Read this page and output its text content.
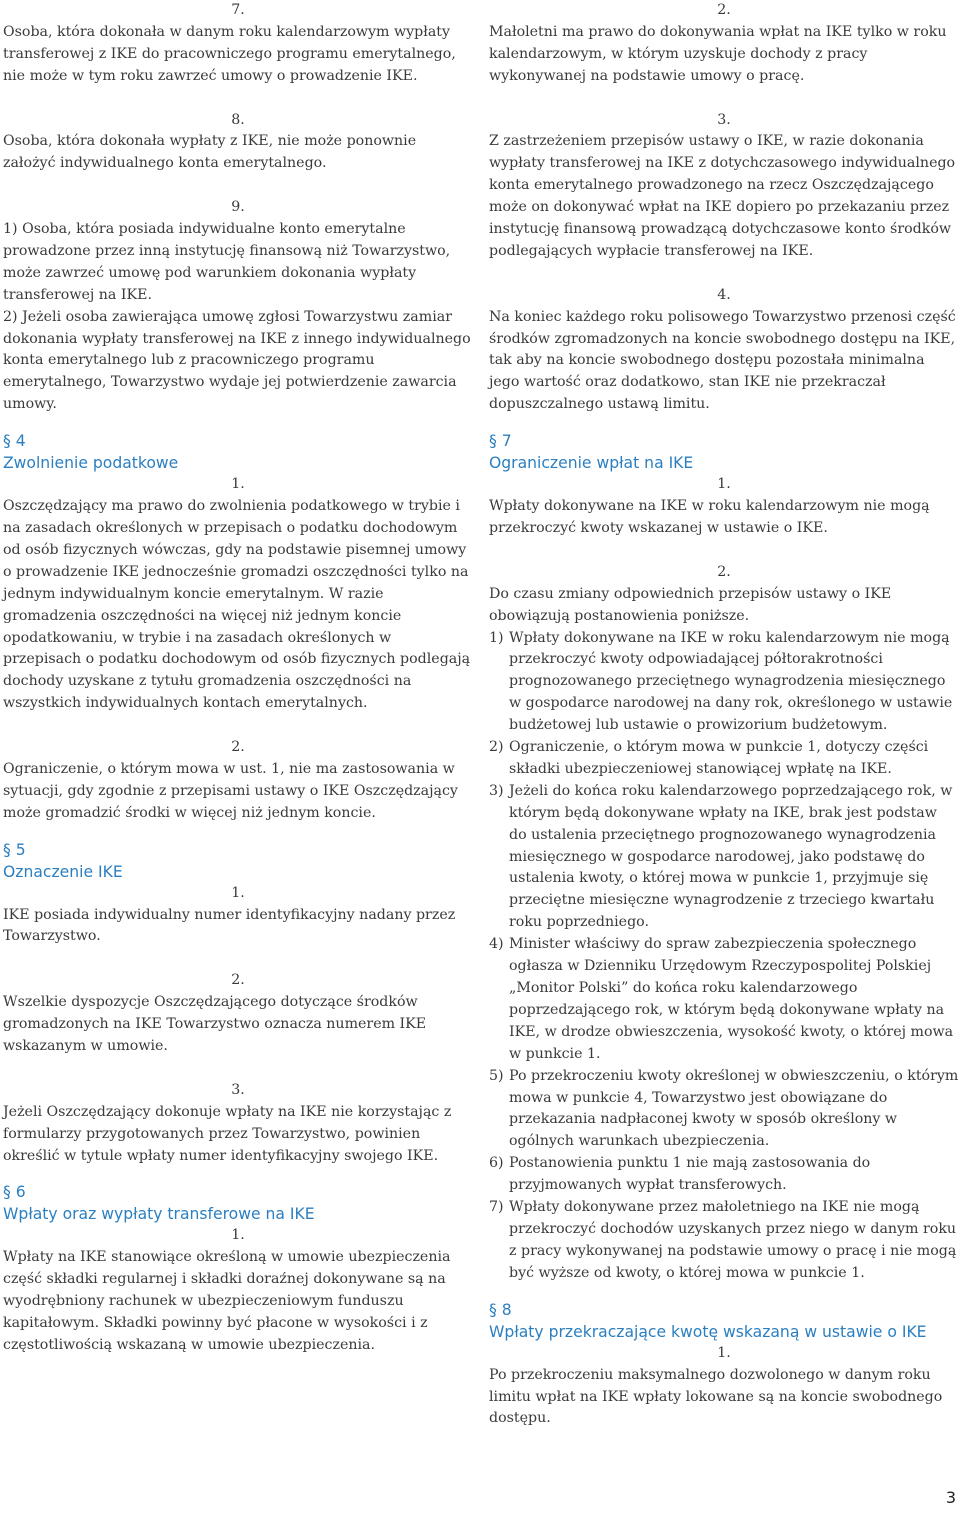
7.

Osoba, która dokonała w danym roku kalendarzowym wypłaty transferowej z IKE do pracowniczego programu emerytalnego, nie może w tym roku zawrzeć umowy o prowadzenie IKE.

8.

Osoba, która dokonała wypłaty z IKE, nie może ponownie założyć indywidualnego konta emerytalnego.

9.

1) Osoba, która posiada indywidualne konto emerytalne prowadzone przez inną instytucję finansową niż Towarzystwo, może zawrzeć umowę pod warunkiem dokonania wypłaty transferowej na IKE.

2) Jeżeli osoba zawierająca umowę zgłosi Towarzystwu zamiar dokonania wypłaty transferowej na IKE z innego indywidualnego konta emerytalnego lub z pracowniczego programu emerytalnego, Towarzystwo wydaje jej potwierdzenie zawarcia umowy.

§ 4

Zwolnienie podatkowe

1.

Oszczędzający ma prawo do zwolnienia podatkowego w trybie i na zasadach określonych w przepisach o podatku dochodowym od osób fizycznych wówczas, gdy na podstawie pisemnej umowy o prowadzenie IKE jednocześnie gromadzi oszczędności tylko na jednym indywidualnym koncie emerytalnym. W razie gromadzenia oszczędności na więcej niż jednym koncie opodatkowaniu, w trybie i na zasadach określonych w przepisach o podatku dochodowym od osób fizycznych podlegają dochody uzyskane z tytułu gromadzenia oszczędności na wszystkich indywidualnych kontach emerytalnych.

2.

Ograniczenie, o którym mowa w ust. 1, nie ma zastosowania w sytuacji, gdy zgodnie z przepisami ustawy o IKE Oszczędzający może gromadzić środki w więcej niż jednym koncie.

§ 5

Oznaczenie IKE

1.

IKE posiada indywidualny numer identyfikacyjny nadany przez Towarzystwo.

2.

Wszelkie dyspozycje Oszczędzającego dotyczące środków gromadzonych na IKE Towarzystwo oznacza numerem IKE wskazanym w umowie.

3.

Jeżeli Oszczędzający dokonuje wpłaty na IKE nie korzystając z formularzy przygotowanych przez Towarzystwo, powinien określić w tytule wpłaty numer identyfikacyjny swojego IKE.

§ 6

Wpłaty oraz wypłaty transferowe na IKE

1.

Wpłaty na IKE stanowiące określoną w umowie ubezpieczenia część składki regularnej i składki doraźnej dokonywane są na wyodrębniony rachunek w ubezpieczeniowym funduszu kapitałowym. Składki powinny być płacone w wysokości i z częstotliwością wskazaną w umowie ubezpieczenia.

2.

Małoletni ma prawo do dokonywania wpłat na IKE tylko w roku kalendarzowym, w którym uzyskuje dochody z pracy wykonywanej na podstawie umowy o pracę.

3.

Z zastrzeżeniem przepisów ustawy o IKE, w razie dokonania wypłaty transferowej na IKE z dotychczasowego indywidualnego konta emerytalnego prowadzonego na rzecz Oszczędzającego może on dokonywać wpłat na IKE dopiero po przekazaniu przez instytucję finansową prowadzącą dotychczasowe konto środków podlegających wypłacie transferowej na IKE.

4.

Na koniec każdego roku polisowego Towarzystwo przenosi część środków zgromadzonych na koncie swobodnego dostępu na IKE, tak aby na koncie swobodnego dostępu pozostała minimalna jego wartość oraz dodatkowo, stan IKE nie przekraczał dopuszczalnego ustawą limitu.

§ 7

Ograniczenie wpłat na IKE

1.

Wpłaty dokonywane na IKE w roku kalendarzowym nie mogą przekroczyć kwoty wskazanej w ustawie o IKE.

2.

Do czasu zmiany odpowiednich przepisów ustawy o IKE obowiązują postanowienia poniższe.

1) Wpłaty dokonywane na IKE w roku kalendarzowym nie mogą przekroczyć kwoty odpowiadającej półtorakrotności prognozowanego przeciętnego wynagrodzenia miesięcznego w gospodarce narodowej na dany rok, określonego w ustawie budżetowej lub ustawie o prowizorium budżetowym.

2) Ograniczenie, o którym mowa w punkcie 1, dotyczy części składki ubezpieczeniowej stanowiącej wpłatę na IKE.

3) Jeżeli do końca roku kalendarzowego poprzedzającego rok, w którym będą dokonywane wpłaty na IKE, brak jest podstaw do ustalenia przeciętnego prognozowanego wynagrodzenia miesięcznego w gospodarce narodowej, jako podstawę do ustalenia kwoty, o której mowa w punkcie 1, przyjmuje się przeciętne miesięczne wynagrodzenie z trzeciego kwartału roku poprzedniego.

4) Minister właściwy do spraw zabezpieczenia społecznego ogłasza w Dzienniku Urzędowym Rzeczypospolitej Polskiej „Monitor Polski” do końca roku kalendarzowego poprzedzającego rok, w którym będą dokonywane wpłaty na IKE, w drodze obwieszczenia, wysokość kwoty, o której mowa w punkcie 1.

5) Po przekroczeniu kwoty określonej w obwieszczeniu, o którym mowa w punkcie 4, Towarzystwo jest obowiązane do przekazania nadpłaconej kwoty w sposób określony w ogólnych warunkach ubezpieczenia.

6) Postanowienia punktu 1 nie mają zastosowania do przyjmowanych wypłat transferowych.

7) Wpłaty dokonywane przez małoletniego na IKE nie mogą przekroczyć dochodów uzyskanych przez niego w danym roku z pracy wykonywanej na podstawie umowy o pracę i nie mogą być wyższe od kwoty, o której mowa w punkcie 1.

§ 8

Wpłaty przekraczające kwotę wskazaną w ustawie o IKE

1.

Po przekroczeniu maksymalnego dozwolonego w danym roku limitu wpłat na IKE wpłaty lokowane są na koncie swobodnego dostępu.

3
